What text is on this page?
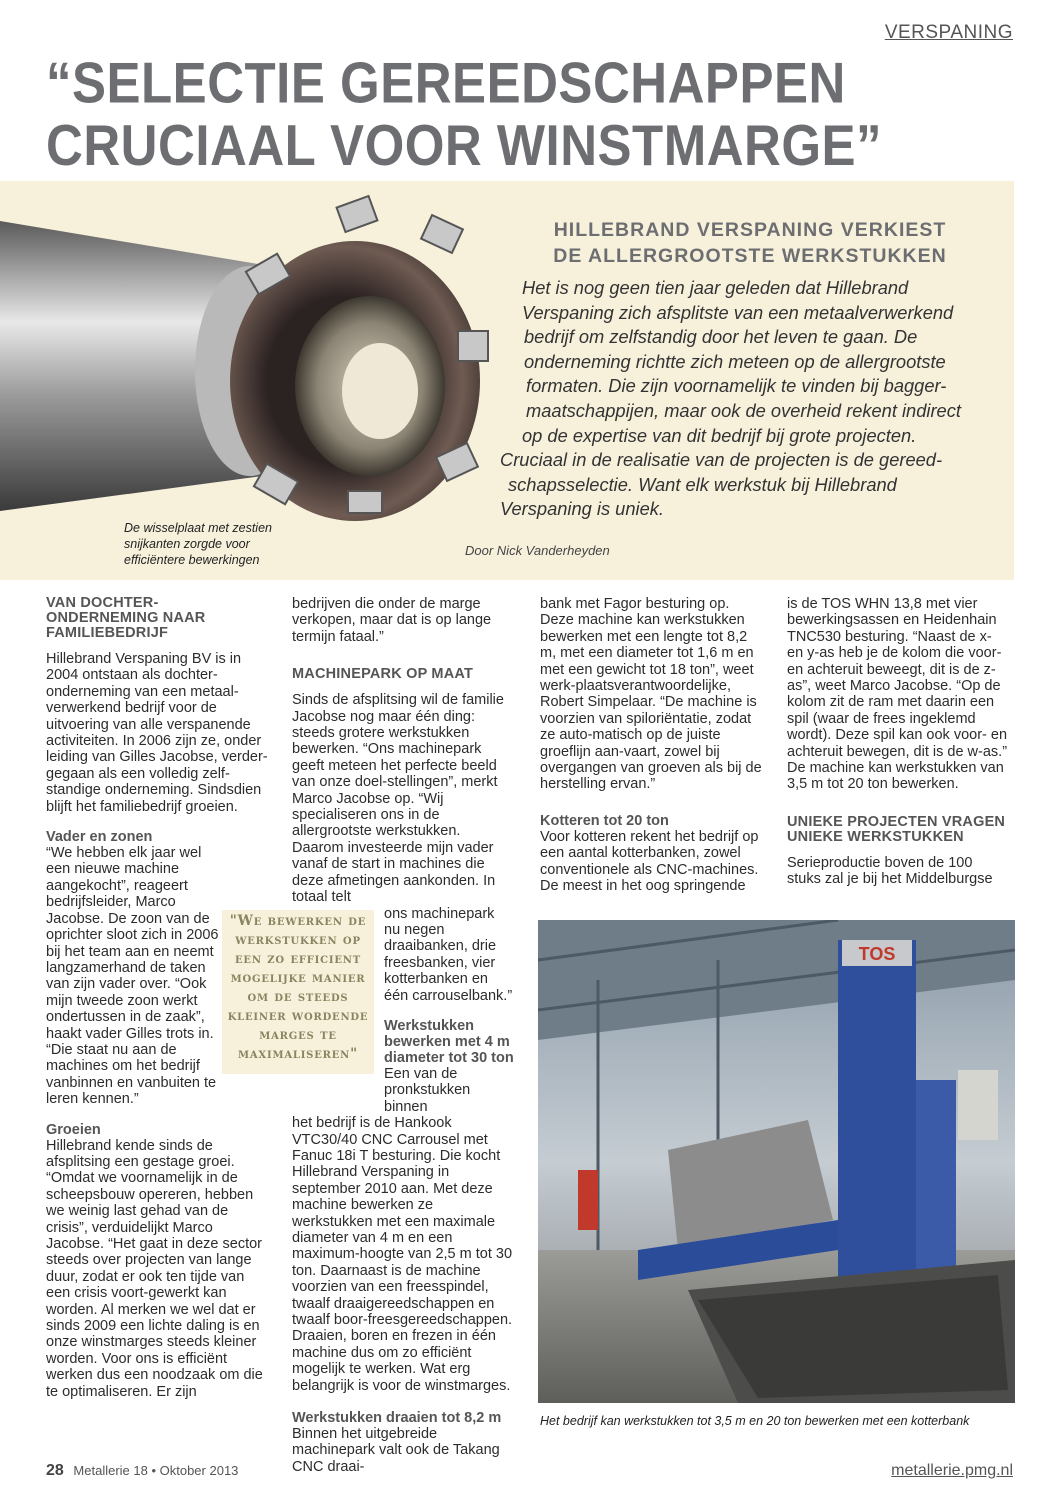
VERSPANING
“SELECTIE GEREEDSCHAPPEN
CRUCIAAL VOOR WINSTMARGE”
De wisselplaat met zestien snijkanten zorgde voor efficiëntere bewerkingen
HILLEBRAND VERSPANING VERKIEST
DE ALLERGROOTSTE WERKSTUKKEN
Het is nog geen tien jaar geleden dat Hillebrand
Verspaning zich afsplitste van een metaalverwerkend
bedrijf om zelfstandig door het leven te gaan. De
onderneming richtte zich meteen op de allergrootste
formaten. Die zijn voornamelijk te vinden bij bagger-
maatschappijen, maar ook de overheid rekent indirect
op de expertise van dit bedrijf bij grote projecten.
Cruciaal in de realisatie van de projecten is de gereed-
schapsselectie. Want elk werkstuk bij Hillebrand
Verspaning is uniek.
Door Nick Vanderheyden
VAN DOCHTER-ONDERNEMING NAAR FAMILIEBEDRIJF

Hillebrand Verspaning BV is in 2004 ontstaan als dochter-onderneming van een metaal-verwerkend bedrijf voor de uitvoering van alle verspanende activiteiten. In 2006 zijn ze, onder leiding van Gilles Jacobse, verder-gegaan als een volledig zelf-standige onderneming. Sindsdien blijft het familiebedrijf groeien.

Vader en zonen

“We hebben elk jaar wel een nieuwe machine aangekocht”, reageert bedrijfsleider, Marco Jacobse. De zoon van de oprichter sloot zich in 2006 bij het team aan en neemt langzamerhand de taken van zijn vader over. “Ook mijn tweede zoon werkt ondertussen in de zaak”, haakt vader Gilles trots in. “Die staat nu aan de machines om het bedrijf vanbinnen en vanbuiten te leren kennen.”

Groeien

Hillebrand kende sinds de afsplitsing een gestage groei. “Omdat we voornamelijk in de scheepsbouw opereren, hebben we weinig last gehad van de crisis”, verduidelijkt Marco Jacobse. “Het gaat in deze sector steeds over projecten van lange duur, zodat er ook ten tijde van een crisis voort-gewerkt kan worden. Al merken we wel dat er sinds 2009 een lichte daling is en onze winstmarges steeds kleiner worden. Voor ons is efficiënt werken dus een noodzaak om die te optimaliseren. Er zijn

bedrijven die onder de marge verkopen, maar dat is op lange termijn fataal.”

MACHINEPARK OP MAAT

Sinds de afsplitsing wil de familie Jacobse nog maar één ding: steeds grotere werkstukken bewerken. “Ons machinepark geeft meteen het perfecte beeld van onze doel-stellingen”, merkt Marco Jacobse op. “Wij specialiseren ons in de allergrootste werkstukken. Daarom investeerde mijn vader vanaf de start in machines die deze afmetingen aankonden. In totaal telt

ons machinepark nu negen draaibanken, drie freesbanken, vier kotterbanken en één carrouselbank.”

Werkstukken bewerken met 4 m diameter tot 30 ton

Een van de pronkstukken binnen

het bedrijf is de Hankook VTC30/40 CNC Carrousel met Fanuc 18i T besturing. Die kocht Hillebrand Verspaning in september 2010 aan. Met deze machine bewerken ze werkstukken met een maximale diameter van 4 m en een maximum-hoogte van 2,5 m tot 30 ton. Daarnaast is de machine voorzien van een freesspindel, twaalf draaigereedschappen en twaalf boor-freesgereedschappen. Draaien, boren en frezen in één machine dus om zo efficiënt mogelijk te werken. Wat erg belangrijk is voor de winstmarges.

Werkstukken draaien tot 8,2 m

Binnen het uitgebreide machinepark valt ook de Takang CNC draai-

bank met Fagor besturing op. Deze machine kan werkstukken bewerken met een lengte tot 8,2 m, met een diameter tot 1,6 m en met een gewicht tot 18 ton”, weet werk-plaatsverantwoordelijke, Robert Simpelaar. “De machine is voorzien van spiloriëntatie, zodat ze auto-matisch op de juiste groeflijn aan-vaart, zowel bij overgangen van groeven als bij de herstelling ervan.”

Kotteren tot 20 ton

Voor kotteren rekent het bedrijf op een aantal kotterbanken, zowel conventionele als CNC-machines. De meest in het oog springende

is de TOS WHN 13,8 met vier bewerkingsassen en Heidenhain TNC530 besturing. “Naast de x- en y-as heb je de kolom die voor- en achteruit beweegt, dit is de z-as”, weet Marco Jacobse. “Op de kolom zit de ram met daarin een spil (waar de frees ingeklemd wordt). Deze spil kan ook voor- en achteruit bewegen, dit is de w-as.” De machine kan werkstukken van 3,5 m tot 20 ton bewerken.

UNIEKE PROJECTEN VRAGEN UNIEKE WERKSTUKKEN

Serieproductie boven de 100 stuks zal je bij het Middelburgse

"We bewerken de
werkstukken op
een zo efficient
mogelijke manier
om de steeds
kleiner wordende
marges te
maximaliseren"
TOS
Het bedrijf kan werkstukken tot 3,5 m en 20 ton bewerken met een kotterbank
28 Metallerie 18 • Oktober 2013	metallerie.pmg.nl
